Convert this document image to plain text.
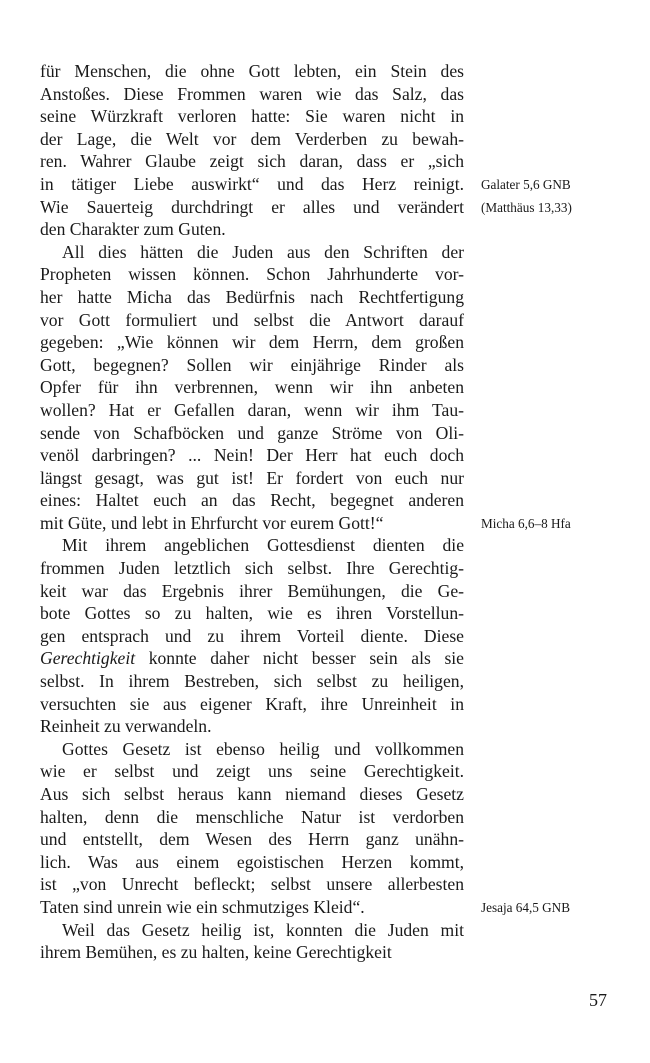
für Menschen, die ohne Gott lebten, ein Stein des
Anstoßes. Diese Frommen waren wie das Salz, das
seine Würzkraft verloren hatte: Sie waren nicht in
der Lage, die Welt vor dem Verderben zu bewah-
ren. Wahrer Glaube zeigt sich daran, dass er „sich
in tätiger Liebe auswirkt“ und das Herz reinigt.
Wie Sauerteig durchdringt er alles und verändert
den Charakter zum Guten.
All dies hätten die Juden aus den Schriften der
Propheten wissen können. Schon Jahrhunderte vor-
her hatte Micha das Bedürfnis nach Rechtfertigung
vor Gott formuliert und selbst die Antwort darauf
gegeben: „Wie können wir dem Herrn, dem großen
Gott, begegnen? Sollen wir einjährige Rinder als
Opfer für ihn verbrennen, wenn wir ihn anbeten
wollen? Hat er Gefallen daran, wenn wir ihm Tau-
sende von Schafböcken und ganze Ströme von Oli-
venöl darbringen? ... Nein! Der Herr hat euch doch
längst gesagt, was gut ist! Er fordert von euch nur
eines: Haltet euch an das Recht, begegnet anderen
mit Güte, und lebt in Ehrfurcht vor eurem Gott!“
Mit ihrem angeblichen Gottesdienst dienten die
frommen Juden letztlich sich selbst. Ihre Gerechtig-
keit war das Ergebnis ihrer Bemühungen, die Ge-
bote Gottes so zu halten, wie es ihren Vorstellun-
gen entsprach und zu ihrem Vorteil diente. Diese
Gerechtigkeit konnte daher nicht besser sein als sie
selbst. In ihrem Bestreben, sich selbst zu heiligen,
versuchten sie aus eigener Kraft, ihre Unreinheit in
Reinheit zu verwandeln.
Gottes Gesetz ist ebenso heilig und vollkommen
wie er selbst und zeigt uns seine Gerechtigkeit.
Aus sich selbst heraus kann niemand dieses Gesetz
halten, denn die menschliche Natur ist verdorben
und entstellt, dem Wesen des Herrn ganz unähn-
lich. Was aus einem egoistischen Herzen kommt,
ist „von Unrecht befleckt; selbst unsere allerbesten
Taten sind unrein wie ein schmutziges Kleid“.
Weil das Gesetz heilig ist, konnten die Juden mit
ihrem Bemühen, es zu halten, keine Gerechtigkeit
Galater 5,6 GNB
(Matthäus 13,33)
Micha 6,6–8 Hfa
Jesaja 64,5 GNB
57
